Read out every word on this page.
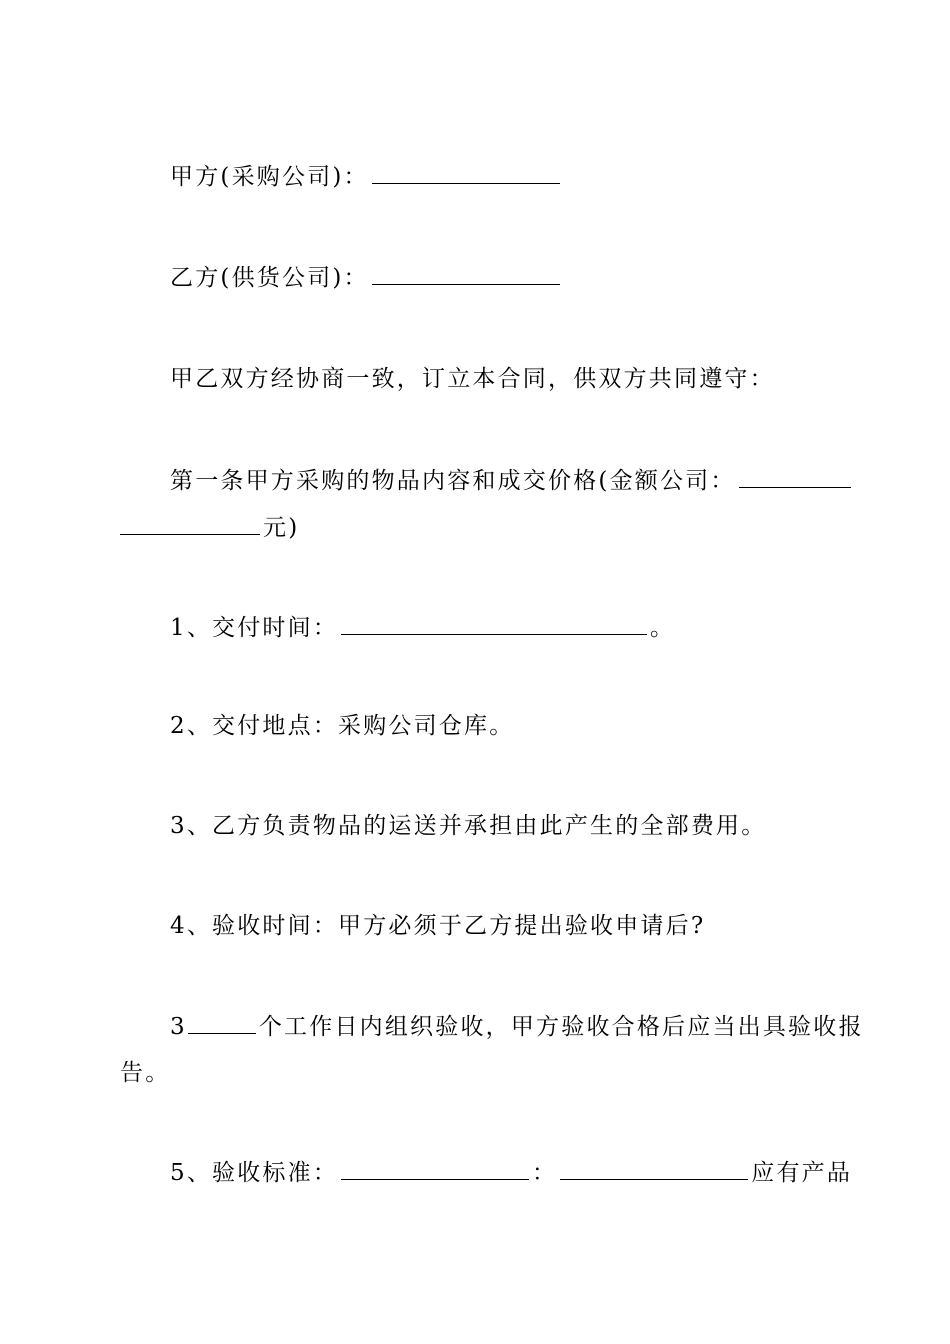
甲方(采购公司)：
乙方(供货公司)：
甲乙双方经协商一致，订立本合同，供双方共同遵守：
第一条甲方采购的物品内容和成交价格(金额公司：
元)
1、交付时间：	。
2、交付地点：采购公司仓库。
3、乙方负责物品的运送并承担由此产生的全部费用。
4、验收时间：甲方必须于乙方提出验收申请后?
3	个工作日内组织验收，甲方验收合格后应当出具验收报
告。
5、验收标准：	：	应有产品
